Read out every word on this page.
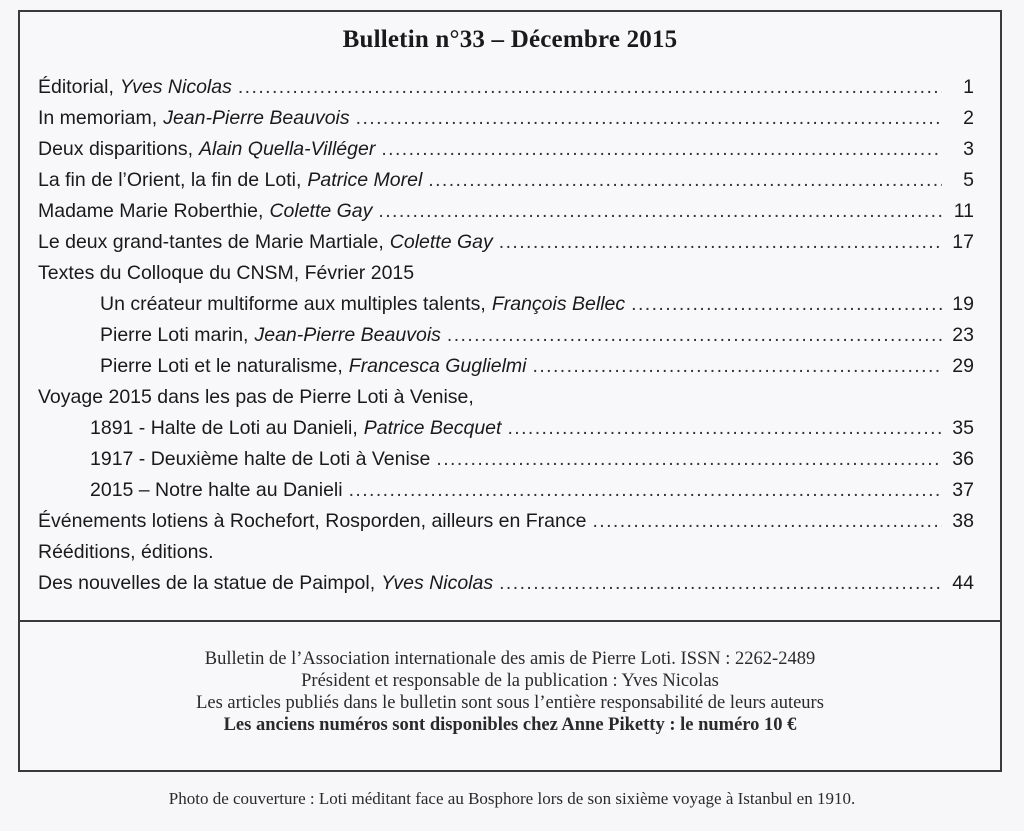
Bulletin n°33 – Décembre 2015
Éditorial, Yves Nicolas .....	1
In memoriam, Jean-Pierre Beauvois .....	2
Deux disparitions, Alain Quella-Villéger .....	3
La fin de l’Orient, la fin de Loti, Patrice Morel .....	5
Madame Marie Roberthie, Colette Gay .....	11
Le deux grand-tantes de Marie Martiale, Colette Gay .....	17
Textes du Colloque du CNSM, Février 2015
Un créateur multiforme aux multiples talents, François Bellec .....	19
Pierre Loti marin, Jean-Pierre Beauvois .....	23
Pierre Loti et le naturalisme, Francesca Guglielmi .....	29
Voyage 2015 dans les pas de Pierre Loti à Venise,
1891 - Halte de Loti au Danieli, Patrice Becquet .....	35
1917 - Deuxième halte de Loti à Venise .....	36
2015 – Notre halte au Danieli .....	37
Événements lotiens à Rochefort, Rosporden, ailleurs en France .....	38
Rééditions, éditions.
Des nouvelles de la statue de Paimpol, Yves Nicolas .....	44
Bulletin de l’Association internationale des amis de Pierre Loti. ISSN : 2262-2489
Président et responsable de la publication : Yves Nicolas
Les articles publiés dans le bulletin sont sous l’entière responsabilité de leurs auteurs
Les anciens numéros sont disponibles chez Anne Piketty : le numéro 10 €
Photo de couverture : Loti méditant face au Bosphore lors de son sixième voyage à Istanbul en 1910.
